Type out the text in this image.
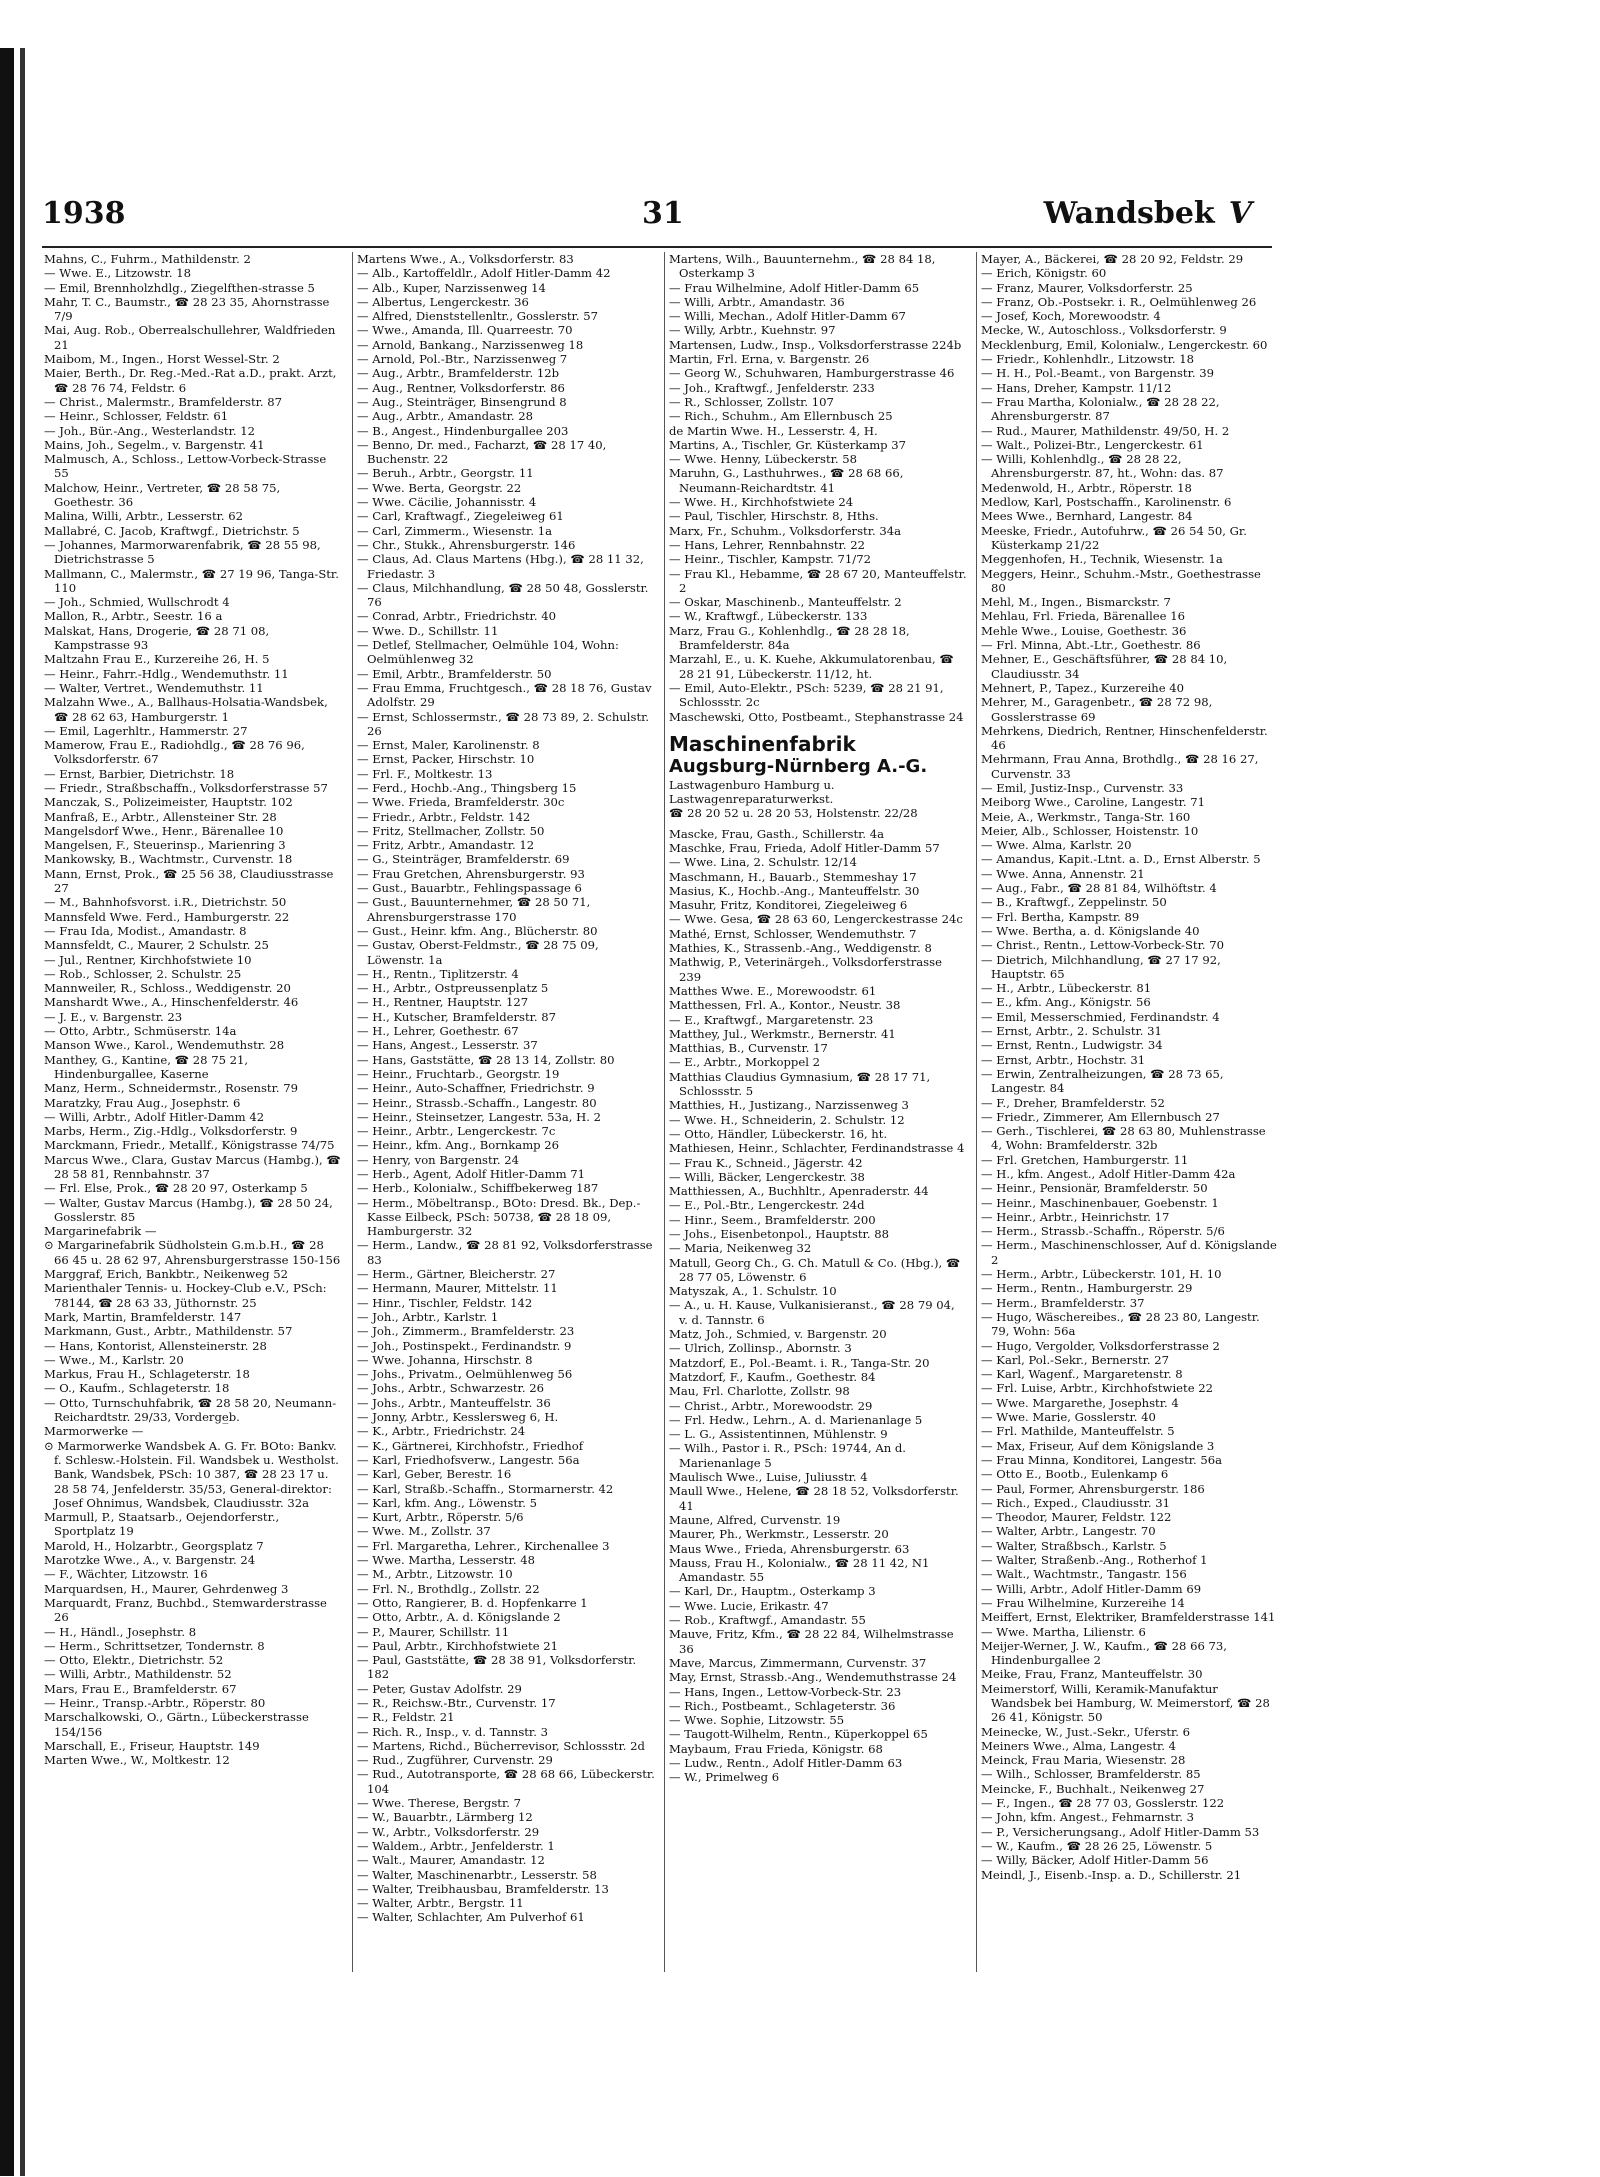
1938	31	Wandsbek V
Mahns, C., Fuhrm., Mathildenstr. 2
— Wwe. E., Litzowstr. 18
— Emil, Brennholzhdlg., Ziegelfthen-strasse 5
Mahr, T. C., Baumstr., ☎ 28 23 35, Ahornstrasse 7/9
Mai, Aug. Rob., Oberrealschullehrer, Waldfrieden 21
Maibom, M., Ingen., Horst Wessel-Str. 2
Maier, Berth., Dr. Reg.-Med.-Rat a.D., prakt. Arzt, ☎ 28 76 74, Feldstr. 6
— Christ., Malermstr., Bramfelderstr. 87
— Heinr., Schlosser, Feldstr. 61
— Joh., Bür.-Ang., Westerlandstr. 12
Mains, Joh., Segelm., v. Bargenstr. 41
Malmusch, A., Schloss., Lettow-Vorbeck-Strasse 55
Malchow, Heinr., Vertreter, ☎ 28 58 75, Goethestr. 36
Malina, Willi, Arbtr., Lesserstr. 62
Mallabré, C. Jacob, Kraftwgf., Dietrichstr. 5
— Johannes, Marmorwarenfabrik, ☎ 28 55 98, Dietrichstrasse 5
Mallmann, C., Malermstr., ☎ 27 19 96, Tanga-Str. 110
— Joh., Schmied, Wullschrodt 4
Mallon, R., Arbtr., Seestr. 16 a
Malskat, Hans, Drogerie, ☎ 28 71 08, Kampstrasse 93
Maltzahn Frau E., Kurzereihe 26, H. 5
— Heinr., Fahrr.-Hdlg., Wendemuthstr. 11
— Walter, Vertret., Wendemuthstr. 11
Malzahn Wwe., A., Ballhaus-Holsatia-Wandsbek, ☎ 28 62 63, Hamburgerstr. 1
— Emil, Lagerhltr., Hammerstr. 27
Mamerow, Frau E., Radiohdlg., ☎ 28 76 96, Volksdorferstr. 67
— Ernst, Barbier, Dietrichstr. 18
— Friedr., Straßbschaffn., Volksdorferstrasse 57
Manczak, S., Polizeimeister, Hauptstr. 102
Manfraß, E., Arbtr., Allensteiner Str. 28
Mangelsdorf Wwe., Henr., Bärenallee 10
Mangelsen, F., Steuerinsp., Marienring 3
Mankowsky, B., Wachtmstr., Curvenstr. 18
Mann, Ernst, Prok., ☎ 25 56 38, Claudiusstrasse 27
— M., Bahnhofsvorst. i.R., Dietrichstr. 50
Mannsfeld Wwe. Ferd., Hamburgerstr. 22
— Frau Ida, Modist., Amandastr. 8
Mannsfeldt, C., Maurer, 2 Schulstr. 25
— Jul., Rentner, Kirchhofstwiete 10
— Rob., Schlosser, 2. Schulstr. 25
Mannweiler, R., Schloss., Weddigenstr. 20
Manshardt Wwe., A., Hinschenfelderstr. 46
— J. E., v. Bargenstr. 23
— Otto, Arbtr., Schmüserstr. 14a
Manson Wwe., Karol., Wendemuthstr. 28
Manthey, G., Kantine, ☎ 28 75 21, Hindenburgallee, Kaserne
Manz, Herm., Schneidermstr., Rosenstr. 79
Maratzky, Frau Aug., Josephstr. 6
— Willi, Arbtr., Adolf Hitler-Damm 42
Marbs, Herm., Zig.-Hdlg., Volksdorferstr. 9
Marckmann, Friedr., Metallf., Königstrasse 74/75
Marcus Wwe., Clara, Gustav Marcus (Hambg.), ☎ 28 58 81, Rennbahnstr. 37
— Frl. Else, Prok., ☎ 28 20 97, Osterkamp 5
— Walter, Gustav Marcus (Hambg.), ☎ 28 50 24, Gosslerstr. 85
Margarinefabrik —
⊙ Margarinefabrik Südholstein G.m.b.H., ☎ 28 66 45 u. 28 62 97, Ahrensburgerstrasse 150-156
Marggraf, Erich, Bankbtr., Neikenweg 52
Marienthaler Tennis- u. Hockey-Club e.V., PSch: 78144, ☎ 28 63 33, Jüthornstr. 25
Mark, Martin, Bramfelderstr. 147
Markmann, Gust., Arbtr., Mathildenstr. 57
— Hans, Kontorist, Allensteinerstr. 28
— Wwe., M., Karlstr. 20
Markus, Frau H., Schlageterstr. 18
— O., Kaufm., Schlageterstr. 18
— Otto, Turnschuhfabrik, ☎ 28 58 20, Neumann-Reichardtstr. 29/33, Vorderge̲b.
Marmorwerke —
⊙ Marmorwerke Wandsbek A. G. Fr. BOto: Bankv. f. Schlesw.-Holstein. Fil. Wandsbek u. Westholst. Bank, Wandsbek, PSch: 10 387, ☎ 28 23 17 u. 28 58 74, Jenfelderstr. 35/53, General-direktor: Josef Ohnimus, Wandsbek, Claudiusstr. 32a
Marmull, P., Staatsarb., Oejendorferstr., Sportplatz 19
Marold, H., Holzarbtr., Georgsplatz 7
Marotzke Wwe., A., v. Bargenstr. 24
— F., Wächter, Litzowstr. 16
Marquardsen, H., Maurer, Gehrdenweg 3
Marquardt, Franz, Buchbd., Stemwarderstrasse 26
— H., Händl., Josephstr. 8
— Herm., Schrittsetzer, Tondernstr. 8
— Otto, Elektr., Dietrichstr. 52
— Willi, Arbtr., Mathildenstr. 52
Mars, Frau E., Bramfelderstr. 67
— Heinr., Transp.-Arbtr., Röperstr. 80
Marschalkowski, O., Gärtn., Lübeckerstrasse 154/156
Marschall, E., Friseur, Hauptstr. 149
Marten Wwe., W., Moltkestr. 12
Martens Wwe., A., Volksdorferstr. 83
— Alb., Kartoffeldlr., Adolf Hitler-Damm 42
— Alb., Kuper, Narzissenweg 14
— Albertus, Lengerckestr. 36
— Alfred, Dienststellenltr., Gosslerstr. 57
— Wwe., Amanda, Ill. Quarreestr. 70
— Arnold, Bankang., Narzissenweg 18
— Arnold, Pol.-Btr., Narzissenweg 7
— Aug., Arbtr., Bramfelderstr. 12b
— Aug., Rentner, Volksdorferstr. 86
— Aug., Steinträger, Binsengrund 8
— Aug., Arbtr., Amandastr. 28
— B., Angest., Hindenburgallee 203
— Benno, Dr. med., Facharzt, ☎ 28 17 40, Buchenstr. 22
— Beruh., Arbtr., Georgstr. 11
— Wwe. Berta, Georgstr. 22
— Wwe. Cäcilie, Johannisstr. 4
— Carl, Kraftwagf., Ziegeleiweg 61
— Carl, Zimmerm., Wiesenstr. 1a
— Chr., Stukk., Ahrensburgerstr. 146
— Claus, Ad. Claus Martens (Hbg.), ☎ 28 11 32, Friedastr. 3
— Claus, Milchhandlung, ☎ 28 50 48, Gosslerstr. 76
— Conrad, Arbtr., Friedrichstr. 40
— Wwe. D., Schillstr. 11
— Detlef, Stellmacher, Oelmühle 104, Wohn: Oelmühlenweg 32
— Emil, Arbtr., Bramfelderstr. 50
— Frau Emma, Fruchtgesch., ☎ 28 18 76, Gustav Adolfstr. 29
— Ernst, Schlossermstr., ☎ 28 73 89, 2. Schulstr. 26
— Ernst, Maler, Karolinenstr. 8
— Ernst, Packer, Hirschstr. 10
— Frl. F., Moltkestr. 13
— Ferd., Hochb.-Ang., Thingsberg 15
— Wwe. Frieda, Bramfelderstr. 30c
— Friedr., Arbtr., Feldstr. 142
— Fritz, Stellmacher, Zollstr. 50
— Fritz, Arbtr., Amandastr. 12
— G., Steinträger, Bramfelderstr. 69
— Frau Gretchen, Ahrensburgerstr. 93
— Gust., Bauarbtr., Fehlingspassage 6
— Gust., Bauunternehmer, ☎ 28 50 71, Ahrensburgerstrasse 170
— Gust., Heinr. kfm. Ang., Blücherstr. 80
— Gustav, Oberst-Feldmstr., ☎ 28 75 09, Löwenstr. 1a
— H., Rentn., Tiplitzerstr. 4
— H., Arbtr., Ostpreussenplatz 5
— H., Rentner, Hauptstr. 127
— H., Kutscher, Bramfelderstr. 87
— H., Lehrer, Goethestr. 67
— Hans, Angest., Lesserstr. 37
— Hans, Gaststätte, ☎ 28 13 14, Zollstr. 80
— Heinr., Fruchtarb., Georgstr. 19
— Heinr., Auto-Schaffner, Friedrichstr. 9
— Heinr., Strassb.-Schaffn., Langestr. 80
— Heinr., Steinsetzer, Langestr. 53a, H. 2
— Heinr., Arbtr., Lengerckestr. 7c
— Heinr., kfm. Ang., Bornkamp 26
— Henry, von Bargenstr. 24
— Herb., Agent, Adolf Hitler-Damm 71
— Herb., Kolonialw., Schiffbekerweg 187
— Herm., Möbeltransp., BOto: Dresd. Bk., Dep.-Kasse Eilbeck, PSch: 50738, ☎ 28 18 09, Hamburgerstr. 32
— Herm., Landw., ☎ 28 81 92, Volksdorferstrasse 83
— Herm., Gärtner, Bleicherstr. 27
— Hermann, Maurer, Mittelstr. 11
— Hinr., Tischler, Feldstr. 142
— Joh., Arbtr., Karlstr. 1
— Joh., Zimmerm., Bramfelderstr. 23
— Joh., Postinspekt., Ferdinandstr. 9
— Wwe. Johanna, Hirschstr. 8
— Johs., Privatm., Oelmühlenweg 56
— Johs., Arbtr., Schwarzestr. 26
— Johs., Arbtr., Manteuffelstr. 36
— Jonny, Arbtr., Kesslersweg 6, H.
— K., Arbtr., Friedrichstr. 24
— K., Gärtnerei, Kirchhofstr., Friedhof
— Karl, Friedhofsverw., Langestr. 56a
— Karl, Geber, Berestr. 16
— Karl, Straßb.-Schaffn., Stormarnerstr. 42
— Karl, kfm. Ang., Löwenstr. 5
— Kurt, Arbtr., Röperstr. 5/6
— Wwe. M., Zollstr. 37
— Frl. Margaretha, Lehrer., Kirchenallee 3
— Wwe. Martha, Lesserstr. 48
— M., Arbtr., Litzowstr. 10
— Frl. N., Brothdlg., Zollstr. 22
— Otto, Rangierer, B. d. Hopfenkarre 1
— Otto, Arbtr., A. d. Königslande 2
— P., Maurer, Schillstr. 11
— Paul, Arbtr., Kirchhofstwiete 21
— Paul, Gaststätte, ☎ 28 38 91, Volksdorferstr. 182
— Peter, Gustav Adolfstr. 29
— R., Reichsw.-Btr., Curvenstr. 17
— R., Feldstr. 21
— Rich. R., Insp., v. d. Tannstr. 3
— Martens, Richd., Bücherrevisor, Schlossstr. 2d
— Rud., Zugführer, Curvenstr. 29
— Rud., Autotransporte, ☎ 28 68 66, Lübeckerstr. 104
— Wwe. Therese, Bergstr. 7
— W., Bauarbtr., Lärmberg 12
— W., Arbtr., Volksdorferstr. 29
— Waldem., Arbtr., Jenfelderstr. 1
— Walt., Maurer, Amandastr. 12
— Walter, Maschinenarbtr., Lesserstr. 58
— Walter, Treibhausbau, Bramfelderstr. 13
— Walter, Arbtr., Bergstr. 11
— Walter, Schlachter, Am Pulverhof 61
Martens, Wilh., Bauunternehm., ☎ 28 84 18, Osterkamp 3
— Frau Wilhelmine, Adolf Hitler-Damm 65
— Willi, Arbtr., Amandastr. 36
— Willi, Mechan., Adolf Hitler-Damm 67
— Willy, Arbtr., Kuehnstr. 97
Martensen, Ludw., Insp., Volksdorferstrasse 224b
Martin, Frl. Erna, v. Bargenstr. 26
— Georg W., Schuhwaren, Hamburgerstrasse 46
— Joh., Kraftwgf., Jenfelderstr. 233
— R., Schlosser, Zollstr. 107
— Rich., Schuhm., Am Ellernbusch 25
de Martin Wwe. H., Lesserstr. 4, H.
Martins, A., Tischler, Gr. Küsterkamp 37
— Wwe. Henny, Lübeckerstr. 58
Maruhn, G., Lasthuhrwes., ☎ 28 68 66, Neumann-Reichardtstr. 41
— Wwe. H., Kirchhofstwiete 24
— Paul, Tischler, Hirschstr. 8, Hths.
Marx, Fr., Schuhm., Volksdorferstr. 34a
— Hans, Lehrer, Rennbahnstr. 22
— Heinr., Tischler, Kampstr. 71/72
— Frau Kl., Hebamme, ☎ 28 67 20, Manteuffelstr. 2
— Oskar, Maschinenb., Manteuffelstr. 2
— W., Kraftwgf., Lübeckerstr. 133
Marz, Frau G., Kohlenhdlg., ☎ 28 28 18, Bramfelderstr. 84a
Marzahl, E., u. K. Kuehe, Akkumulatorenbau, ☎ 28 21 91, Lübeckerstr. 11/12, ht.
— Emil, Auto-Elektr., PSch: 5239, ☎ 28 21 91, Schlossstr. 2c
Maschewski, Otto, Postbeamt., Stephanstrasse 24
Maschinenfabrik
Augsburg-Nürnberg A.-G.
Lastwagenburo Hamburg u.
Lastwagenreparaturwerkst.
☎ 28 20 52 u. 28 20 53, Holstenstr. 22/28
Mascke, Frau, Gasth., Schillerstr. 4a
Maschke, Frau, Frieda, Adolf Hitler-Damm 57
— Wwe. Lina, 2. Schulstr. 12/14
Maschmann, H., Bauarb., Stemmeshay 17
Masius, K., Hochb.-Ang., Manteuffelstr. 30
Masuhr, Fritz, Konditorei, Ziegeleiweg 6
— Wwe. Gesa, ☎ 28 63 60, Lengerckestrasse 24c
Mathé, Ernst, Schlosser, Wendemuthstr. 7
Mathies, K., Strassenb.-Ang., Weddigenstr. 8
Mathwig, P., Veterinärgeh., Volksdorferstrasse 239
Matthes Wwe. E., Morewoodstr. 61
Matthessen, Frl. A., Kontor., Neustr. 38
— E., Kraftwgf., Margaretenstr. 23
Matthey, Jul., Werkmstr., Bernerstr. 41
Matthias, B., Curvenstr. 17
— E., Arbtr., Morkoppel 2
Matthias Claudius Gymnasium, ☎ 28 17 71, Schlossstr. 5
Matthies, H., Justizang., Narzissenweg 3
— Wwe. H., Schneiderin, 2. Schulstr. 12
— Otto, Händler, Lübeckerstr. 16, ht.
Mathiesen, Heinr., Schlachter, Ferdinandstrasse 4
— Frau K., Schneid., Jägerstr. 42
— Willi, Bäcker, Lengerckestr. 38
Matthiessen, A., Buchhltr., Apenraderstr. 44
— E., Pol.-Btr., Lengerckestr. 24d
— Hinr., Seem., Bramfelderstr. 200
— Johs., Eisenbetonpol., Hauptstr. 88
— Maria, Neikenweg 32
Matull, Georg Ch., G. Ch. Matull & Co. (Hbg.), ☎ 28 77 05, Löwenstr. 6
Matyszak, A., 1. Schulstr. 10
— A., u. H. Kause, Vulkanisieranst., ☎ 28 79 04, v. d. Tannstr. 6
Matz, Joh., Schmied, v. Bargenstr. 20
— Ulrich, Zollinsp., Abornstr. 3
Matzdorf, E., Pol.-Beamt. i. R., Tanga-Str. 20
Matzdorf, F., Kaufm., Goethestr. 84
Mau, Frl. Charlotte, Zollstr. 98
— Christ., Arbtr., Morewoodstr. 29
— Frl. Hedw., Lehrn., A. d. Marienanlage 5
— L. G., Assistentinnen, Mühlenstr. 9
— Wilh., Pastor i. R., PSch: 19744, An d. Marienanlage 5
Maulisch Wwe., Luise, Juliusstr. 4
Maull Wwe., Helene, ☎ 28 18 52, Volksdorferstr. 41
Maune, Alfred, Curvenstr. 19
Maurer, Ph., Werkmstr., Lesserstr. 20
Maus Wwe., Frieda, Ahrensburgerstr. 63
Mauss, Frau H., Kolonialw., ☎ 28 11 42, N1 Amandastr. 55
— Karl, Dr., Hauptm., Osterkamp 3
— Wwe. Lucie, Erikastr. 47
— Rob., Kraftwgf., Amandastr. 55
Mauve, Fritz, Kfm., ☎ 28 22 84, Wilhelmstrasse 36
Mave, Marcus, Zimmermann, Curvenstr. 37
May, Ernst, Strassb.-Ang., Wendemuthstrasse 24
— Hans, Ingen., Lettow-Vorbeck-Str. 23
— Rich., Postbeamt., Schlageterstr. 36
— Wwe. Sophie, Litzowstr. 55
— Taugott-Wilhelm, Rentn., Küperkoppel 65
Maybaum, Frau Frieda, Königstr. 68
— Ludw., Rentn., Adolf Hitler-Damm 63
— W., Primelweg 6
Mayer, A., Bäckerei, ☎ 28 20 92, Feldstr. 29
— Erich, Königstr. 60
— Franz, Maurer, Volksdorferstr. 25
— Franz, Ob.-Postsekr. i. R., Oelmühlenweg 26
— Josef, Koch, Morewoodstr. 4
Mecke, W., Autoschloss., Volksdorferstr. 9
Mecklenburg, Emil, Kolonialw., Lengerckestr. 60
— Friedr., Kohlenhdlr., Litzowstr. 18
— H. H., Pol.-Beamt., von Bargenstr. 39
— Hans, Dreher, Kampstr. 11/12
— Frau Martha, Kolonialw., ☎ 28 28 22, Ahrensburgerstr. 87
— Rud., Maurer, Mathildenstr. 49/50, H. 2
— Walt., Polizei-Btr., Lengerckestr. 61
— Willi, Kohlenhdlg., ☎ 28 28 22, Ahrensburgerstr. 87, ht., Wohn: das. 87
Medenwold, H., Arbtr., Röperstr. 18
Medlow, Karl, Postschaffn., Karolinenstr. 6
Mees Wwe., Bernhard, Langestr. 84
Meeske, Friedr., Autofuhrw., ☎ 26 54 50, Gr. Küsterkamp 21/22
Meggenhofen, H., Technik, Wiesenstr. 1a
Meggers, Heinr., Schuhm.-Mstr., Goethestrasse 80
Mehl, M., Ingen., Bismarckstr. 7
Mehlau, Frl. Frieda, Bärenallee 16
Mehle Wwe., Louise, Goethestr. 36
— Frl. Minna, Abt.-Ltr., Goethestr. 86
Mehner, E., Geschäftsführer, ☎ 28 84 10, Claudiusstr. 34
Mehnert, P., Tapez., Kurzereihe 40
Mehrer, M., Garagenbetr., ☎ 28 72 98, Gosslerstrasse 69
Mehrkens, Diedrich, Rentner, Hinschenfelderstr. 46
Mehrmann, Frau Anna, Brothdlg., ☎ 28 16 27, Curvenstr. 33
— Emil, Justiz-Insp., Curvenstr. 33
Meiborg Wwe., Caroline, Langestr. 71
Meie, A., Werkmstr., Tanga-Str. 160
Meier, Alb., Schlosser, Hoistenstr. 10
— Wwe. Alma, Karlstr. 20
— Amandus, Kapit.-Ltnt. a. D., Ernst Alberstr. 5
— Wwe. Anna, Annenstr. 21
— Aug., Fabr., ☎ 28 81 84, Wilhöftstr. 4
— B., Kraftwgf., Zeppelinstr. 50
— Frl. Bertha, Kampstr. 89
— Wwe. Bertha, a. d. Königslande 40
— Christ., Rentn., Lettow-Vorbeck-Str. 70
— Dietrich, Milchhandlung, ☎ 27 17 92, Hauptstr. 65
— H., Arbtr., Lübeckerstr. 81
— E., kfm. Ang., Königstr. 56
— Emil, Messerschmied, Ferdinandstr. 4
— Ernst, Arbtr., 2. Schulstr. 31
— Ernst, Rentn., Ludwigstr. 34
— Ernst, Arbtr., Hochstr. 31
— Erwin, Zentralheizungen, ☎ 28 73 65, Langestr. 84
— F., Dreher, Bramfelderstr. 52
— Friedr., Zimmerer, Am Ellernbusch 27
— Gerh., Tischlerei, ☎ 28 63 80, Muhlenstrasse 4, Wohn: Bramfelderstr. 32b
— Frl. Gretchen, Hamburgerstr. 11
— H., kfm. Angest., Adolf Hitler-Damm 42a
— Heinr., Pensionär, Bramfelderstr. 50
— Heinr., Maschinenbauer, Goebenstr. 1
— Heinr., Arbtr., Heinrichstr. 17
— Herm., Strassb.-Schaffn., Röperstr. 5/6
— Herm., Maschinenschlosser, Auf d. Königslande 2
— Herm., Arbtr., Lübeckerstr. 101, H. 10
— Herm., Rentn., Hamburgerstr. 29
— Herm., Bramfelderstr. 37
— Hugo, Wäschereibes., ☎ 28 23 80, Langestr. 79, Wohn: 56a
— Hugo, Vergolder, Volksdorferstrasse 2
— Karl, Pol.-Sekr., Bernerstr. 27
— Karl, Wagenf., Margaretenstr. 8
— Frl. Luise, Arbtr., Kirchhofstwiete 22
— Wwe. Margarethe, Josephstr. 4
— Wwe. Marie, Gosslerstr. 40
— Frl. Mathilde, Manteuffelstr. 5
— Max, Friseur, Auf dem Königslande 3
— Frau Minna, Konditorei, Langestr. 56a
— Otto E., Bootb., Eulenkamp 6
— Paul, Former, Ahrensburgerstr. 186
— Rich., Exped., Claudiusstr. 31
— Theodor, Maurer, Feldstr. 122
— Walter, Arbtr., Langestr. 70
— Walter, Straßbsch., Karlstr. 5
— Walter, Straßenb.-Ang., Rotherhof 1
— Walt., Wachtmstr., Tangastr. 156
— Willi, Arbtr., Adolf Hitler-Damm 69
— Frau Wilhelmine, Kurzereihe 14
Meiffert, Ernst, Elektriker, Bramfelderstrasse 141
— Wwe. Martha, Lilienstr. 6
Meijer-Werner, J. W., Kaufm., ☎ 28 66 73, Hindenburgallee 2
Meike, Frau, Franz, Manteuffelstr. 30
Meimerstorf, Willi, Keramik-Manufaktur Wandsbek bei Hamburg, W. Meimerstorf, ☎ 28 26 41, Königstr. 50
Meinecke, W., Just.-Sekr., Uferstr. 6
Meiners Wwe., Alma, Langestr. 4
Meinck, Frau Maria, Wiesenstr. 28
— Wilh., Schlosser, Bramfelderstr. 85
Meincke, F., Buchhalt., Neikenweg 27
— F., Ingen., ☎ 28 77 03, Gosslerstr. 122
— John, kfm. Angest., Fehmarnstr. 3
— P., Versicherungsang., Adolf Hitler-Damm 53
— W., Kaufm., ☎ 28 26 25, Löwenstr. 5
— Willy, Bäcker, Adolf Hitler-Damm 56
Meindl, J., Eisenb.-Insp. a. D., Schillerstr. 21
